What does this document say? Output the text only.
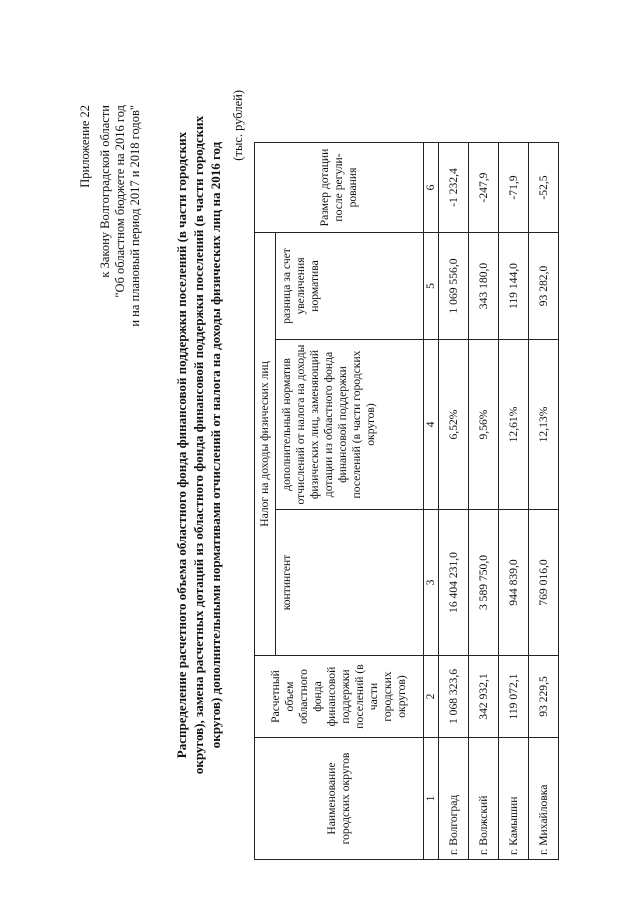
Приложение 22 к Закону Волгоградской области "Об областном бюджете на 2016 год и на плановый период 2017 и 2018 годов" Распределение расчетного объема областного фонда финансовой поддержки поселений (в части городских округов), замена расчетных дотаций из областного фонда финансовой поддержки поселений (в части городских округов) дополнительными нормативами отчислений от налога на доходы физических лиц на 2016 год
(тыс. рублей)
Наименование городских округов	Расчетный объем областного фонда финансовой поддержки поселений (в части городских округов)	Налог на доходы физических лиц			Размер дотации после регули-рования
		контингент	дополнительный норматив отчислений от налога на доходы физических лиц, заменяющий дотации из областного фонда финансовой поддержки поселений (в части городских округов)	разница за счет увеличения норматива	
1	2	3	4	5	6
г. Волгоград	1 068 323,6	16 404 231,0	6,52%	1 069 556,0	-1 232,4
г. Волжский	342 932,1	3 589 750,0	9,56%	343 180,0	-247,9
г. Камышин	119 072,1	944 839,0	12,61%	119 144,0	-71,9
г. Михайловка	93 229,5	769 016,0	12,13%	93 282,0	-52,5
